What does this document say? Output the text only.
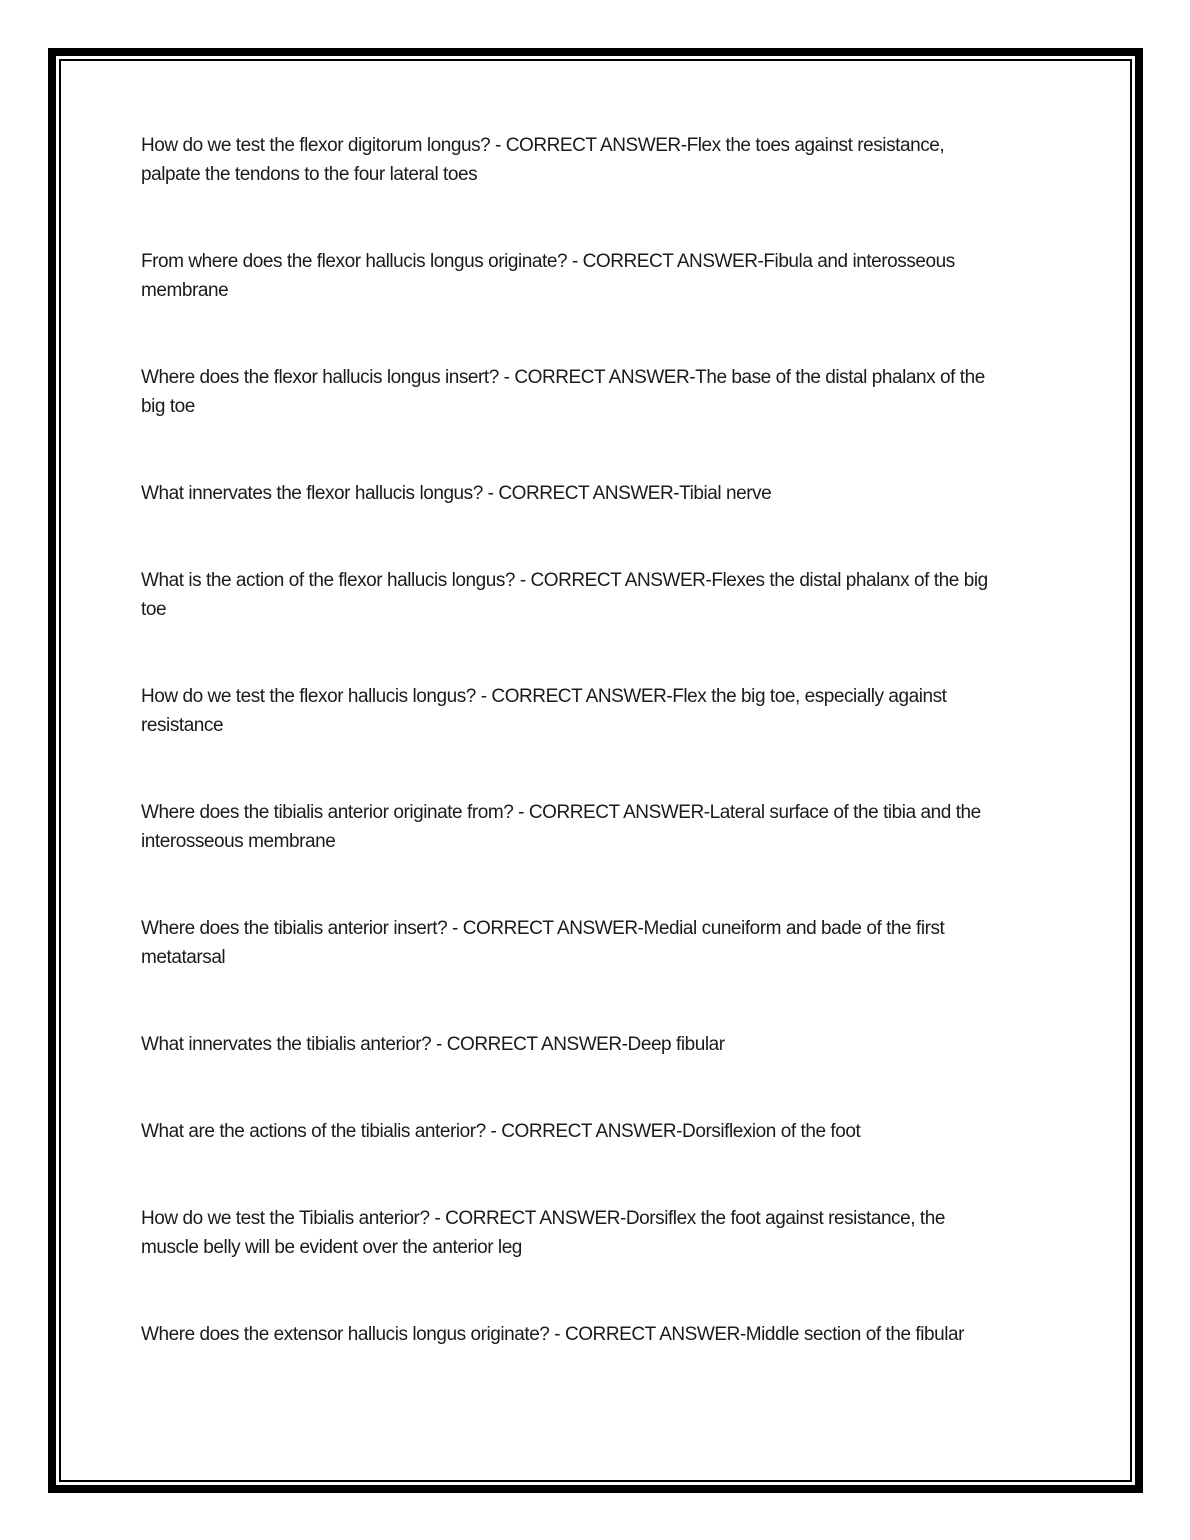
How do we test the flexor digitorum longus? - CORRECT ANSWER-Flex the toes against resistance,
palpate the tendons to the four lateral toes

From where does the flexor hallucis longus originate? - CORRECT ANSWER-Fibula and interosseous
membrane

Where does the flexor hallucis longus insert? - CORRECT ANSWER-The base of the distal phalanx of the
big toe

What innervates the flexor hallucis longus? - CORRECT ANSWER-Tibial nerve

What is the action of the flexor hallucis longus? - CORRECT ANSWER-Flexes the distal phalanx of the big
toe

How do we test the flexor hallucis longus? - CORRECT ANSWER-Flex the big toe, especially against
resistance

Where does the tibialis anterior originate from? - CORRECT ANSWER-Lateral surface of the tibia and the
interosseous membrane

Where does the tibialis anterior insert? - CORRECT ANSWER-Medial cuneiform and bade of the first
metatarsal

What innervates the tibialis anterior? - CORRECT ANSWER-Deep fibular

What are the actions of the tibialis anterior? - CORRECT ANSWER-Dorsiflexion of the foot

How do we test the Tibialis anterior? - CORRECT ANSWER-Dorsiflex the foot against resistance, the
muscle belly will be evident over the anterior leg

Where does the extensor hallucis longus originate? - CORRECT ANSWER-Middle section of the fibular
